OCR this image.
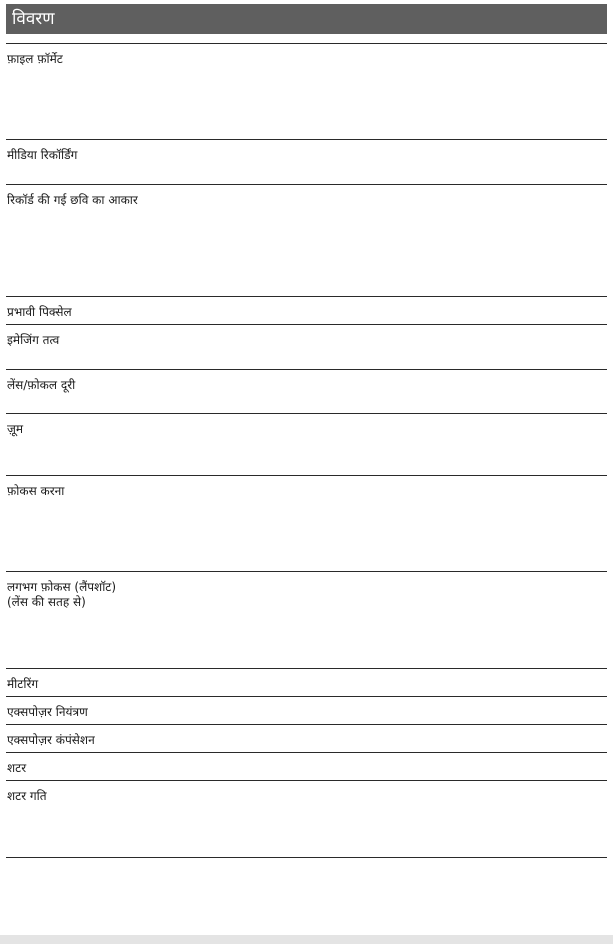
विवरण
फ़ाइल फ़ॉर्मेट
मीडिया रिकॉर्डिंग
रिकॉर्ड की गई छवि का आकार
प्रभावी पिक्सेल
इमेजिंग तत्व
लेंस/फ़ोकल दूरी
ज़ूम
फ़ोकस करना
लगभग फ़ोकस (लैंपशॉट)
(लेंस की सतह से)
मीटरिंग
एक्सपोज़र नियंत्रण
एक्सपोज़र कंपंसेशन
शटर
शटर गति
